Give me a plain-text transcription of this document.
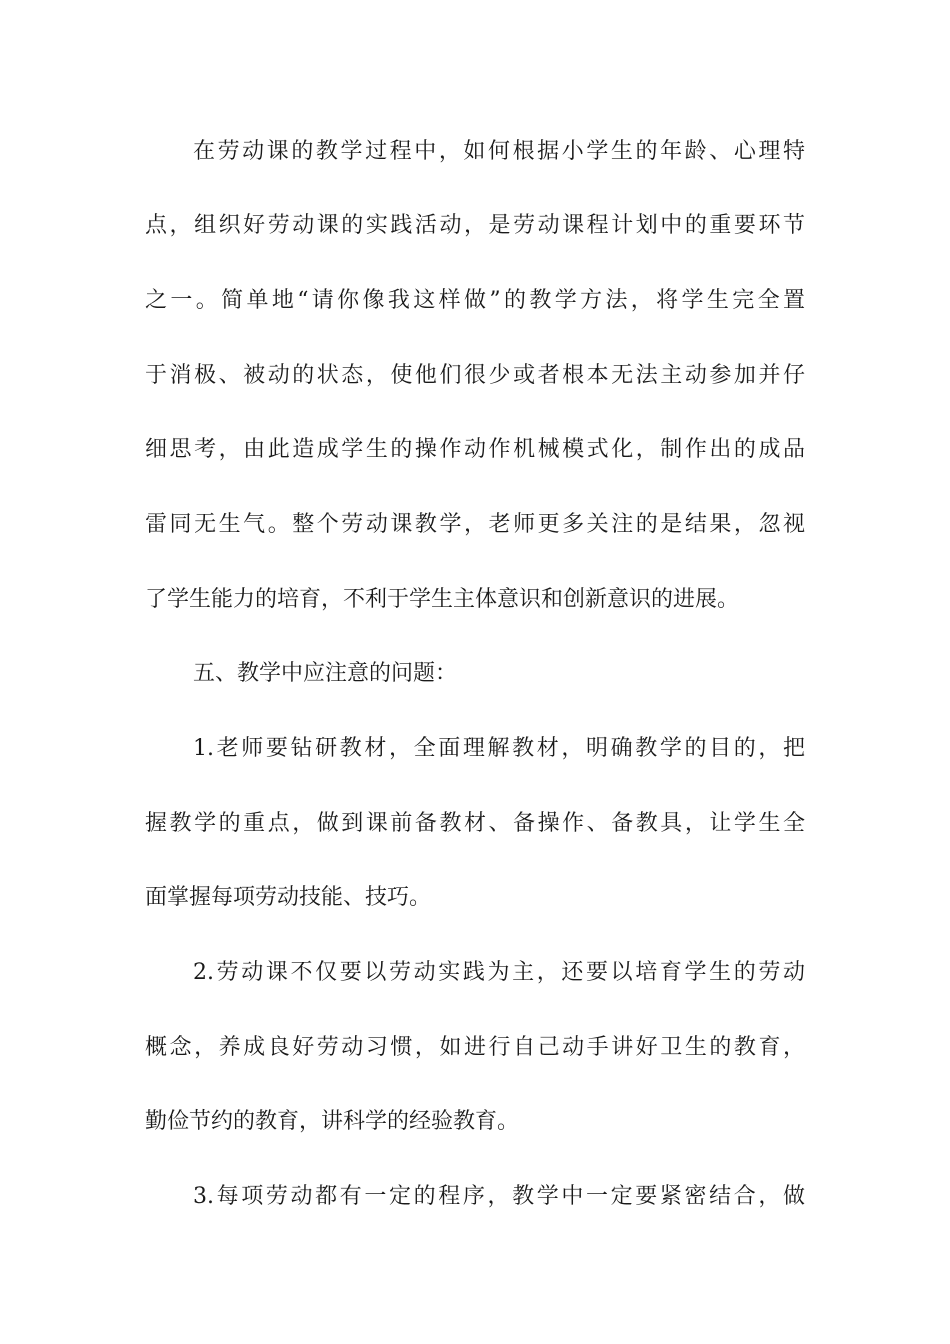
在劳动课的教学过程中，如何根据小学生的年龄、心理特
点，组织好劳动课的实践活动，是劳动课程计划中的重要环节
之一。简单地“请你像我这样做”的教学方法，将学生完全置
于消极、被动的状态，使他们很少或者根本无法主动参加并仔
细思考，由此造成学生的操作动作机械模式化，制作出的成品
雷同无生气。整个劳动课教学，老师更多关注的是结果，忽视
了学生能力的培育，不利于学生主体意识和创新意识的进展。
五、教学中应注意的问题：
1.老师要钻研教材，全面理解教材，明确教学的目的，把
握教学的重点，做到课前备教材、备操作、备教具，让学生全
面掌握每项劳动技能、技巧。
2.劳动课不仅要以劳动实践为主，还要以培育学生的劳动
概念，养成良好劳动习惯，如进行自己动手讲好卫生的教育，
勤俭节约的教育，讲科学的经验教育。
3.每项劳动都有一定的程序，教学中一定要紧密结合，做
